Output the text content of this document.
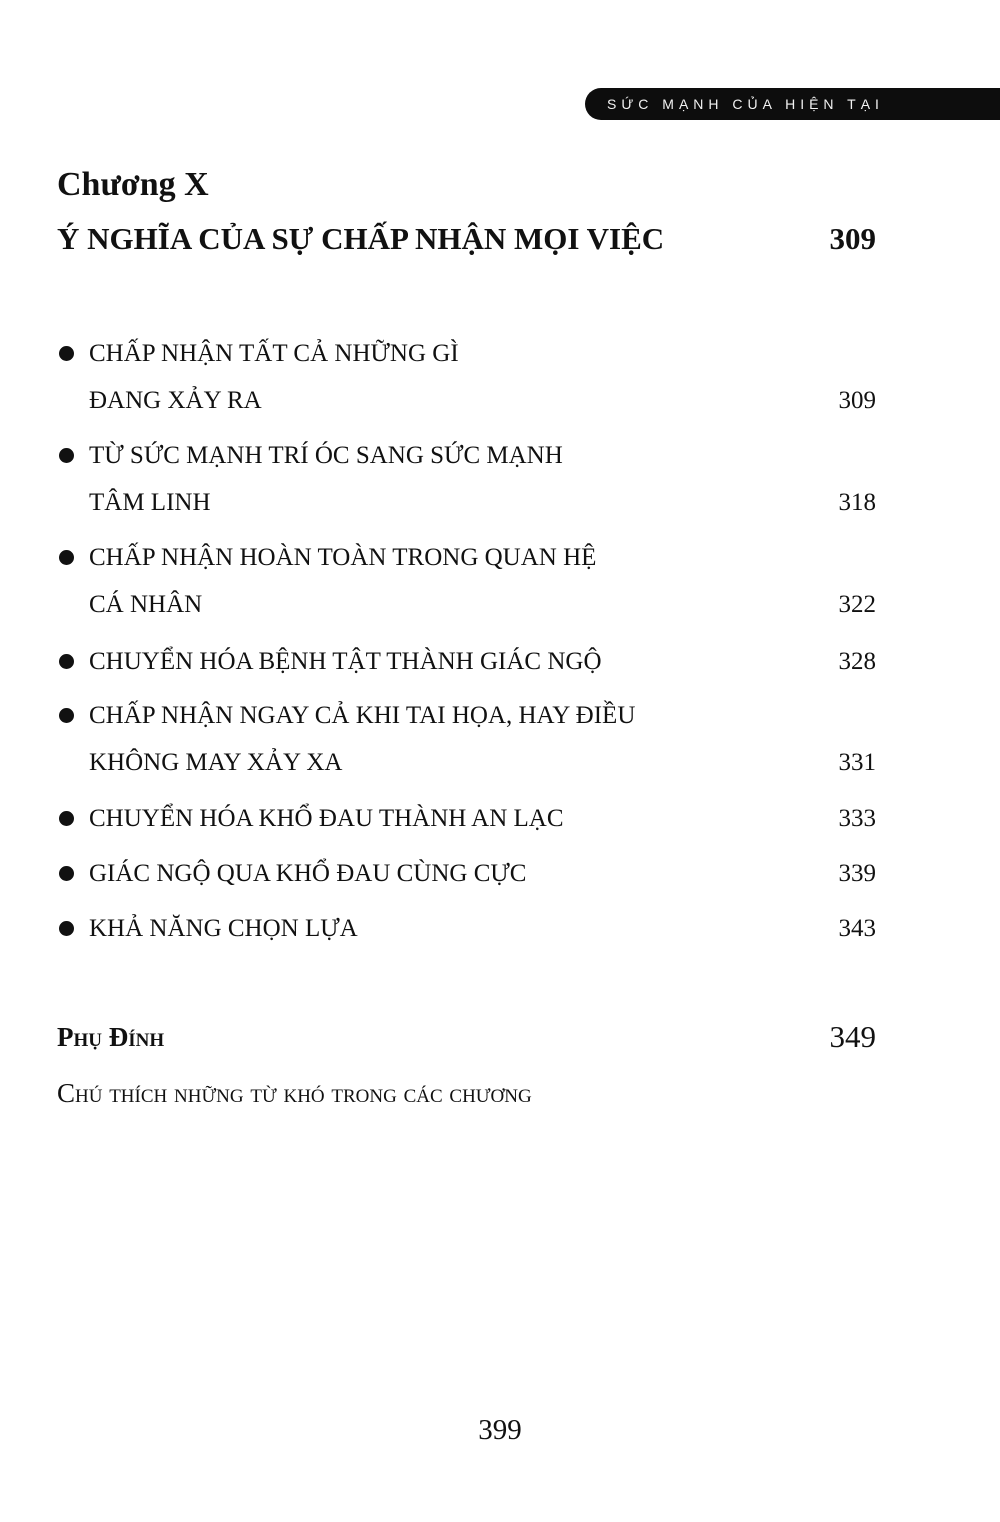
SỨC MẠNH CỦA HIỆN TẠI
Chương X
Ý NGHĨA CỦA SỰ CHẤP NHẬN MỌI VIỆC	309
CHẤP NHẬN TẤT CẢ NHỮNG GÌ
ĐANG XẢY RA	309
TỪ SỨC MẠNH TRÍ ÓC SANG SỨC MẠNH
TÂM LINH	318
CHẤP NHẬN HOÀN TOÀN TRONG QUAN HỆ
CÁ NHÂN	322
CHUYỂN HÓA BỆNH TẬT THÀNH GIÁC NGỘ	328
CHẤP NHẬN NGAY CẢ KHI TAI HỌA, HAY ĐIỀU
KHÔNG MAY XẢY XA	331
CHUYỂN HÓA KHỔ ĐAU THÀNH AN LẠC	333
GIÁC NGỘ QUA KHỔ ĐAU CÙNG CỰC	339
KHẢ NĂNG CHỌN LỰA	343
Phụ Đính	349
Chú thích những từ khó trong các chương
399
